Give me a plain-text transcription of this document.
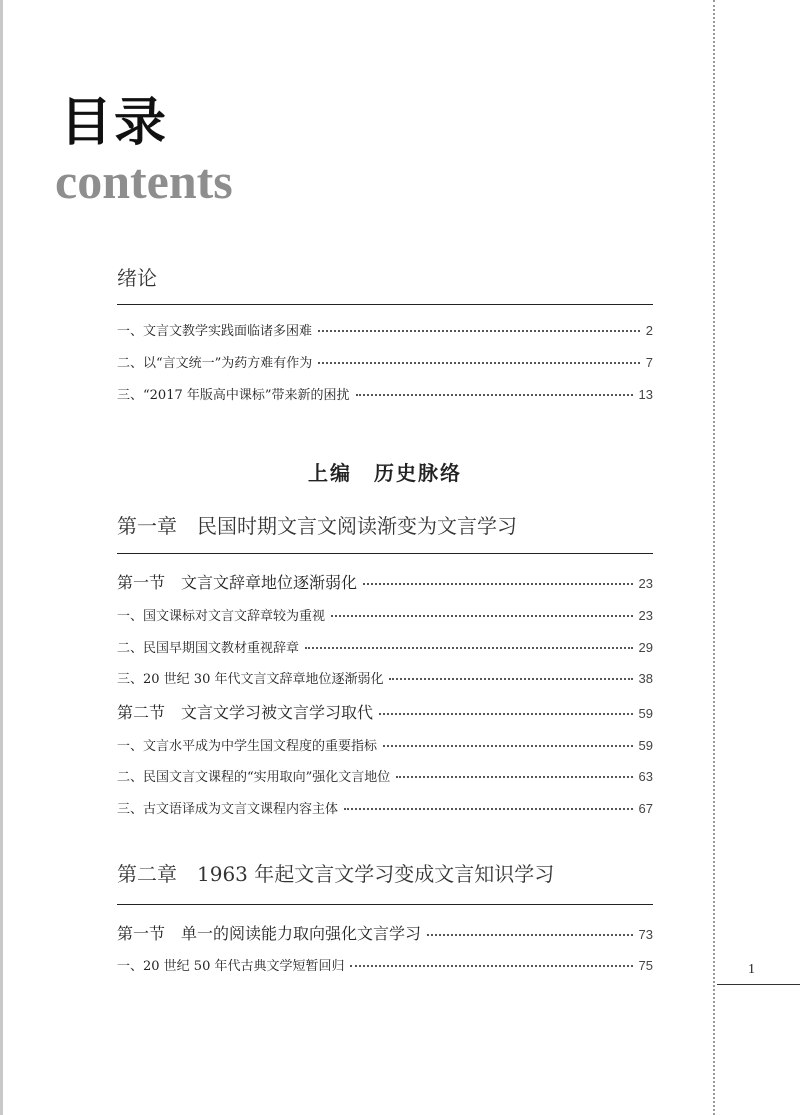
目录
contents
绪论
一、文言文教学实践面临诸多困难	2
二、以“言文统一”为药方难有作为	7
三、“2017 年版高中课标”带来新的困扰	13
上编　历史脉络
第一章　民国时期文言文阅读渐变为文言学习
第一节　文言文辞章地位逐渐弱化	23
一、国文课标对文言文辞章较为重视	23
二、民国早期国文教材重视辞章	29
三、20 世纪 30 年代文言文辞章地位逐渐弱化	38
第二节　文言文学习被文言学习取代	59
一、文言水平成为中学生国文程度的重要指标	59
二、民国文言文课程的“实用取向”强化文言地位	63
三、古文语译成为文言文课程内容主体	67
第二章　1963 年起文言文学习变成文言知识学习
第一节　单一的阅读能力取向强化文言学习	73
一、20 世纪 50 年代古典文学短暂回归	75	1
